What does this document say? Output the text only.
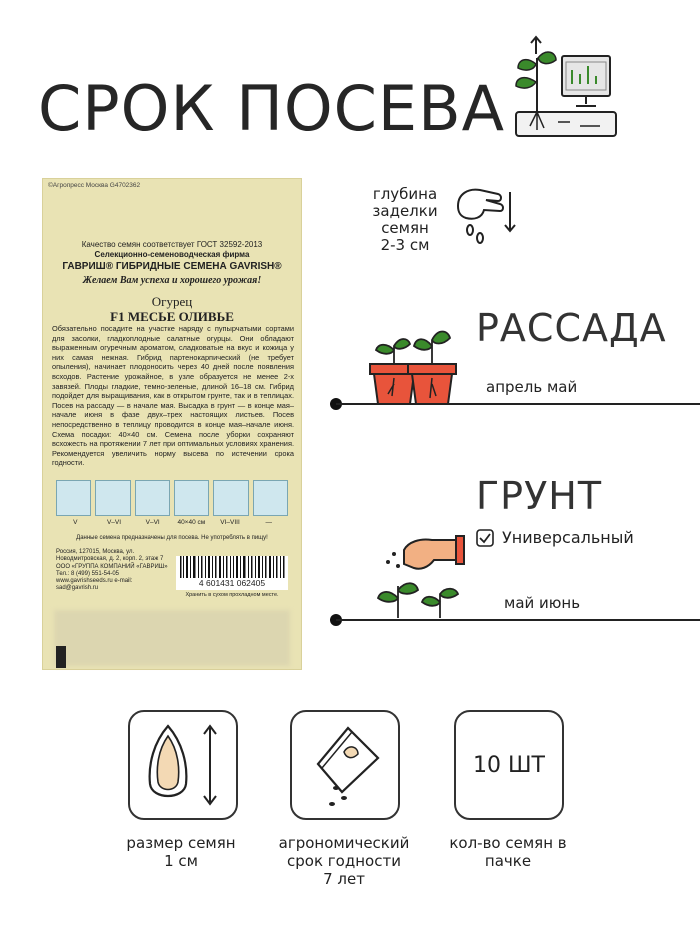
СРОК ПОСЕВА
©Агропресс Москва G4702362
Качество семян соответствует ГОСТ 32592-2013
Селекционно-семеноводческая фирма
ГАВРИШ® ГИБРИДНЫЕ СЕМЕНА GAVRISH®
Желаем Вам успеха и хорошего урожая!
Огурец
F1 МЕСЬЕ ОЛИВЬЕ
Обязательно посадите на участке наряду с пупырчатыми сортами для засолки, гладкоплодные салатные огурцы. Они обладают выраженным огуречным ароматом, сладковатые на вкус и кожица у них самая нежная. Гибрид партенокарпический (не требует опыления), начинает плодоносить через 40 дней после появления всходов. Растение урожайное, в узле образуется не менее 2-х завязей. Плоды гладкие, темно-зеленые, длиной 16–18 см. Гибрид подойдет для выращивания, как в открытом грунте, так и в теплицах. Посев на рассаду — в начале мая. Высадка в грунт — в конце мая–начале июня в фазе двух–трех настоящих листьев. Посев непосредственно в теплицу проводится в конце мая–начале июня. Схема посадки: 40×40 см. Семена после уборки сохраняют всхожесть на протяжении 7 лет при оптимальных условиях хранения. Рекомендуется увеличить норму высева по истечении срока годности.
V	V–VI	V–VI	40×40 см	VI–VIII	—
Данные семена предназначены для посева. Не употреблять в пищу!
Россия, 127015, Москва, ул. Новодмитровская, д. 2, корп. 2, этаж 7 ООО «ГРУППА КОМПАНИЙ «ГАВРИШ» Тел.: 8 (499) 551-54-05 www.gavrishseeds.ru e-mail: sad@gavrish.ru
4 601431 062405
Хранить в сухом прохладном месте.
глубина заделки семян
2-3 см
РАССАДА
апрель май
ГРУНТ
Универсальный
май июнь
10 ШТ
размер семян
1 см
агрономический срок годности
7 лет
кол-во семян в пачке
